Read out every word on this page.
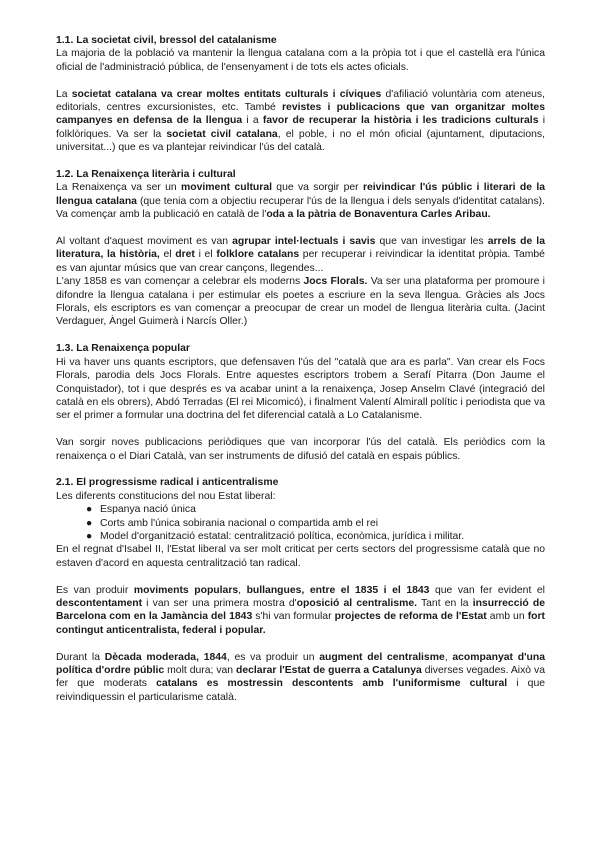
1.1. La societat civil, bressol del catalanisme

La majoria de la població va mantenir la llengua catalana com a la pròpia tot i que el castellà era l'única oficial de l'administració pública, de l'ensenyament i de tots els actes oficials.

La societat catalana va crear moltes entitats culturals i cíviques d'afiliació voluntària com ateneus, editorials, centres excursionistes, etc. També revistes i publicacions que van organitzar moltes campanyes en defensa de la llengua i a favor de recuperar la història i les tradicions culturals i folklòriques. Va ser la societat civil catalana, el poble, i no el món oficial (ajuntament, diputacions, universitat...) que es va plantejar reivindicar l'ús del català.

1.2. La Renaixença literària i cultural

La Renaixença va ser un moviment cultural que va sorgir per reivindicar l'ús públic i literari de la llengua catalana (que tenia com a objectiu recuperar l'ús de la llengua i dels senyals d'identitat catalans). Va començar amb la publicació en català de l'oda a la pàtria de Bonaventura Carles Aribau.

Al voltant d'aquest moviment es van agrupar intel·lectuals i savis que van investigar les arrels de la literatura, la història, el dret i el folklore catalans per recuperar i reivindicar la identitat pròpia. També es van ajuntar músics que van crear cançons, llegendes...

L'any 1858 es van començar a celebrar els moderns Jocs Florals. Va ser una plataforma per promoure i difondre la llengua catalana i per estimular els poetes a escriure en la seva llengua. Gràcies als Jocs Florals, els escriptors es van començar a preocupar de crear un model de llengua literària culta. (Jacint Verdaguer, Àngel Guimerà i Narcís Oller.)

1.3. La Renaixença popular

Hi va haver uns quants escriptors, que defensaven l'ús del "català que ara es parla". Van crear els Focs Florals, parodia dels Jocs Florals. Entre aquestes escriptors trobem a Serafí Pitarra (Don Jaume el Conquistador), tot i que després es va acabar unint a la renaixença, Josep Anselm Clavé (integració del català en els obrers), Abdó Terradas (El rei Micomicó), i finalment Valentí Almirall polític i periodista que va ser el primer a formular una doctrina del fet diferencial català a Lo Catalanisme.

Van sorgir noves publicacions periòdiques que van incorporar l'ús del català. Els periòdics com la renaixença o el Diari Català, van ser instruments de difusió del català en espais públics.

2.1. El progressisme radical i anticentralisme

Les diferents constitucions del nou Estat liberal:

● Espanya nació única
● Corts amb l'única sobirania nacional o compartida amb el rei
● Model d'organització estatal: centralització política, econòmica, jurídica i militar.

En el regnat d'Isabel II, l'Estat liberal va ser molt criticat per certs sectors del progressisme català que no estaven d'acord en aquesta centralització tan radical.

Es van produir moviments populars, bullangues, entre el 1835 i el 1843 que van fer evident el descontentament i van ser una primera mostra d'oposició al centralisme. Tant en la insurrecció de Barcelona com en la Jamància del 1843 s'hi van formular projectes de reforma de l'Estat amb un fort contingut anticentralista, federal i popular.

Durant la Dècada moderada, 1844, es va produir un augment del centralisme, acompanyat d'una política d'ordre públic molt dura; van declarar l'Estat de guerra a Catalunya diverses vegades. Això va fer que moderats catalans es mostressin descontents amb l'uniformisme cultural i que reivindiquessin el particularisme català.
